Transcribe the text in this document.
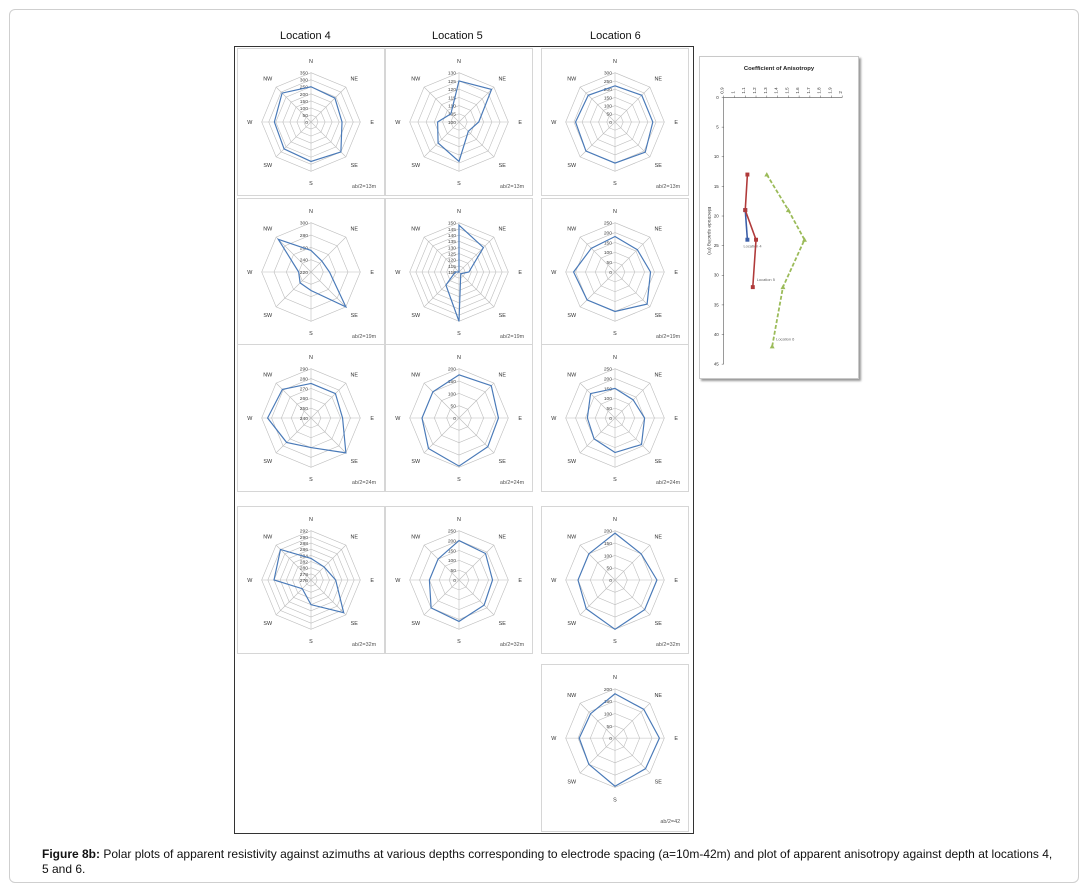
Location 4	Location 5	Location 6
N
NE
E
SE
S
SW
W
NW
350
300
250
200
150
100
50
0
ab/2=13m
N
NE
E
SE
S
SW
W
NW
130
125
120
115
110
105
100
ab/2=13m
N
NE
E
SE
S
SW
W
NW
300
250
200
150
100
50
0
ab/2=13m
N
NE
E
SE
S
SW
W
NW
300
280
260
240
220
ab/2=19m
N
NE
E
SE
S
SW
W
NW
150
145
140
135
130
125
120
115
110
ab/2=19m
N
NE
E
SE
S
SW
W
NW
250
200
150
100
50
0
ab/2=19m
N
NE
E
SE
S
SW
W
NW
290
280
270
260
250
240
ab/2=24m
N
NE
E
SE
S
SW
W
NW
200
150
100
50
0
ab/2=24m
N
NE
E
SE
S
SW
W
NW
250
200
150
100
50
0
ab/2=24m
N
NE
E
SE
S
SW
W
NW
292
290
288
286
284
282
280
278
276
ab/2=32m
N
NE
E
SE
S
SW
W
NW
250
200
150
100
50
0
ab/2=32m
N
NE
E
SE
S
SW
W
NW
200
150
100
50
0
ab/2=32m
N
NE
E
SE
S
SW
W
NW
200
150
100
50
0
ab/2=42
Coefficient of Anisotropy
0.9 1 1.1 1.2 1.3 1.4 1.5 1.6 1.7 1.8 1.9 2
0
5
10
15
20
25
30
35
40
45
Electrode spacing (m)	Location 4
Location 5
Location 6
Figure 8b: Polar plots of apparent resistivity against azimuths at various depths corresponding to electrode spacing (a=10m-42m) and plot of apparent anisotropy against depth at locations 4, 5 and 6.
